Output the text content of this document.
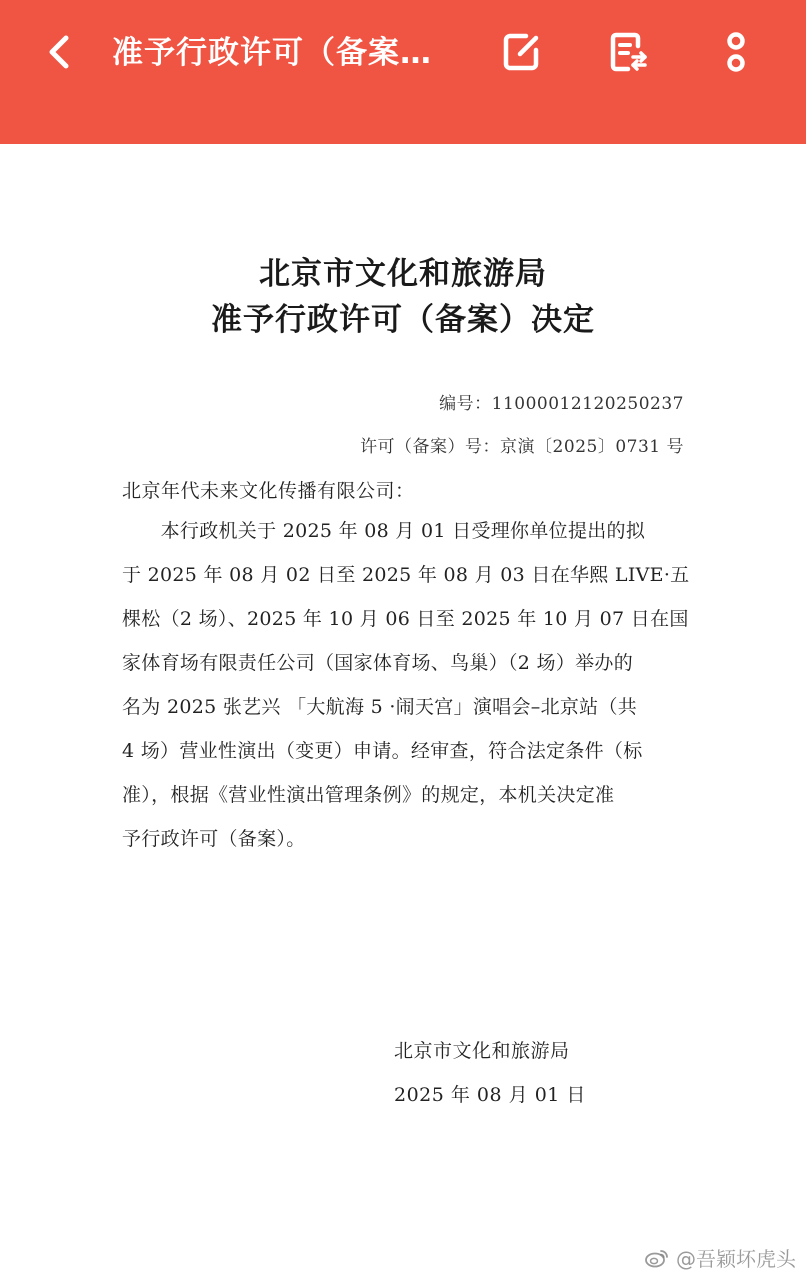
准予行政许可（备案…
北京市文化和旅游局
准予行政许可（备案）决定
编号：11000012120250237
许可（备案）号：京演〔2025〕0731 号
北京年代未来文化传播有限公司：
　　本行政机关于 2025 年 08 月 01 日受理你单位提出的拟
于 2025 年 08 月 02 日至 2025 年 08 月 03 日在华熙 LIVE·五
棵松（2 场）、2025 年 10 月 06 日至 2025 年 10 月 07 日在国
家体育场有限责任公司（国家体育场、鸟巢）（2 场）举办的
名为 2025 张艺兴 「大航海 5 ·闹天宫」演唱会–北京站（共
4 场）营业性演出（变更）申请。经审查，符合法定条件（标
准），根据《营业性演出管理条例》的规定，本机关决定准
予行政许可（备案）。
北京市文化和旅游局
2025 年 08 月 01 日
@吾颖坏虎头
